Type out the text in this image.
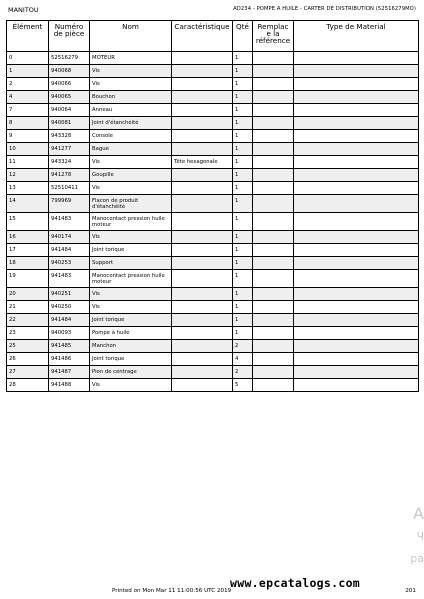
MANITOU	AD234 - POMPE A HUILE - CARTER DE DISTRIBUTION (52516279MO)
Élément	Numéro de pièce	Nom	Caractéristique	Qté	Remplac e la référence	Type de Material
0	52516279	MOTEUR		1		
1	940068	Vis		1		
2	940066	Vis		1		
4	940065	Bouchon		1		
7	940064	Anneau		1		
8	940081	Joint d'étanchéité		1		
9	943328	Console		1		
10	941277	Bague		1		
11	943324	Vis	Tête hexagonale	1		
12	941278	Goupille		1		
13	52510411	Vis		1		
14	799969	Flacon de produit d'étanchéité		1		
15	941483	Manocontact pression huile moteur		1		
16	940174	Vis		1		
17	941484	Joint torique		1		
18	940253	Support		1		
19	941483	Manocontact pression huile moteur		1		
20	940251	Vis		1		
21	940250	Vis		1		
22	941484	Joint torique		1		
23	940093	Pompe à huile		1		
25	941485	Manchon		2		
26	941486	Joint torique		4		
27	941487	Pion de centrage		2		
28	941488	Vis		5		
www.epcatalogs.com
Printed on Mon Mar 11 11:00:56 UTC 2019	201
A
Ч
ра
